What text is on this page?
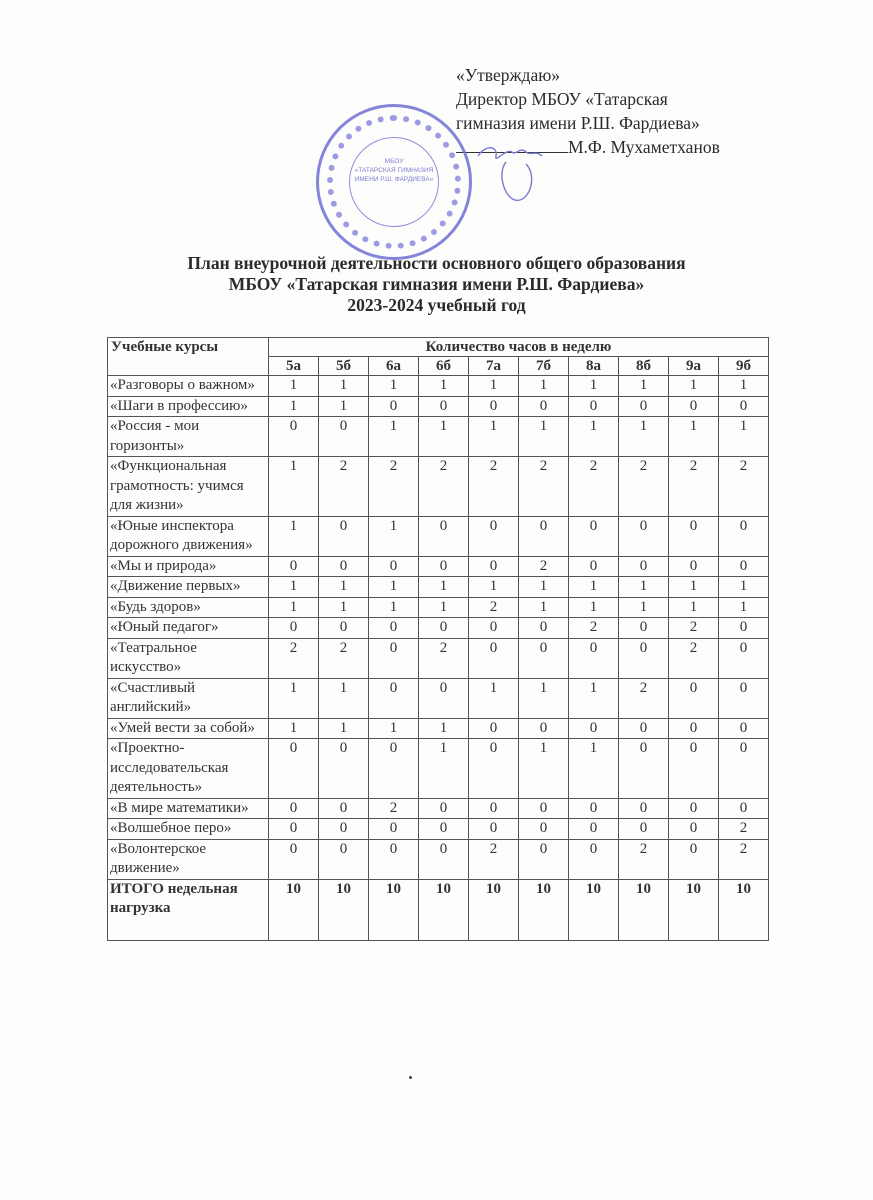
«Утверждаю»
Директор МБОУ «Татарская
гимназия имени Р.Ш. Фардиева»
М.Ф. Мухаметханов
МБОУ
«ТАТАРСКАЯ ГИМНАЗИЯ
ИМЕНИ Р.Ш. ФАРДИЕВА»
План внеурочной деятельности основного общего образования
МБОУ «Татарская гимназия имени Р.Ш. Фардиева»
2023-2024 учебный год
Учебные курсы	Количество часов в неделю									
	5а	5б	6а	6б	7а	7б	8а	8б	9а	9б
«Разговоры о важном»	1	1	1	1	1	1	1	1	1	1
«Шаги в профессию»	1	1	0	0	0	0	0	0	0	0
«Россия - мои горизонты»	0	0	1	1	1	1	1	1	1	1
«Функциональная грамотность: учимся для жизни»	1	2	2	2	2	2	2	2	2	2
«Юные инспектора дорожного движения»	1	0	1	0	0	0	0	0	0	0
«Мы и природа»	0	0	0	0	0	2	0	0	0	0
«Движение первых»	1	1	1	1	1	1	1	1	1	1
«Будь здоров»	1	1	1	1	2	1	1	1	1	1
«Юный педагог»	0	0	0	0	0	0	2	0	2	0
«Театральное искусство»	2	2	0	2	0	0	0	0	2	0
«Счастливый английский»	1	1	0	0	1	1	1	2	0	0
«Умей вести за собой»	1	1	1	1	0	0	0	0	0	0
«Проектно-исследовательская деятельность»	0	0	0	1	0	1	1	0	0	0
«В мире математики»	0	0	2	0	0	0	0	0	0	0
«Волшебное перо»	0	0	0	0	0	0	0	0	0	2
«Волонтерское движение»	0	0	0	0	2	0	0	2	0	2
ИТОГО недельная нагрузка	10	10	10	10	10	10	10	10	10	10
